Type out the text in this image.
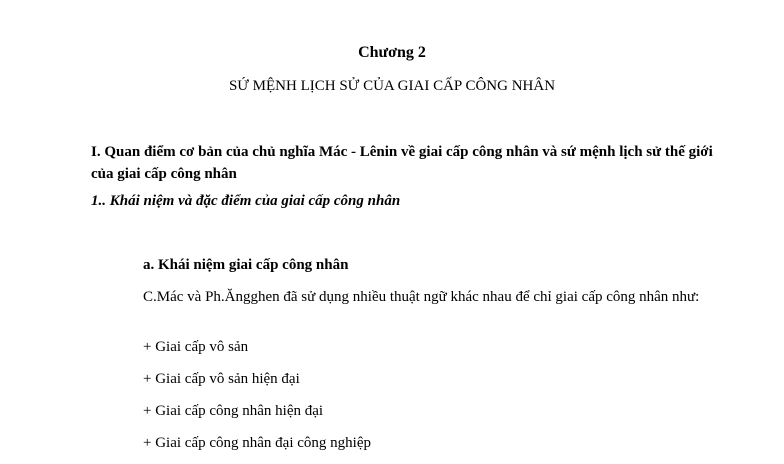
Chương 2
SỨ MỆNH LỊCH SỬ CỦA GIAI CẤP CÔNG NHÂN
I. Quan điểm cơ bản của chủ nghĩa Mác - Lênin về giai cấp công nhân và sứ mệnh lịch sử thế giới của giai cấp công nhân
1.. Khái niệm và đặc điểm của giai cấp công nhân
a. Khái niệm giai cấp công nhân
C.Mác và Ph.Ăngghen đã sử dụng nhiều thuật ngữ khác nhau để chỉ giai cấp công nhân như:
+ Giai cấp vô sản
+ Giai cấp vô sản hiện đại
+ Giai cấp công nhân hiện đại
+ Giai cấp công nhân đại công nghiệp
